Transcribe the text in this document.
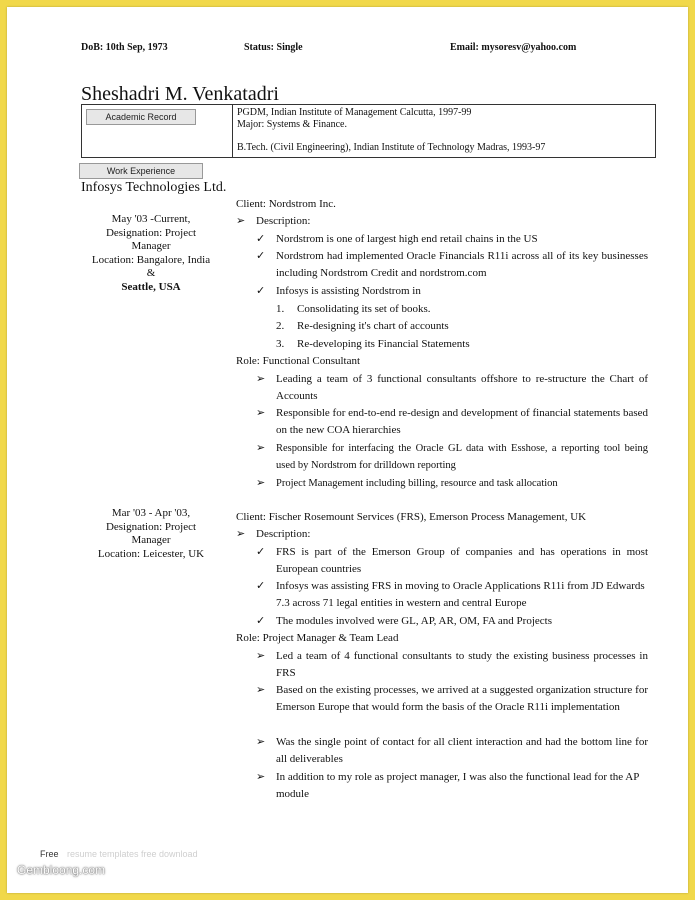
DoB: 10th Sep, 1973	Status: Single	Email: mysoresv@yahoo.com
Sheshadri M. Venkatadri
Academic Record	PGDM, Indian Institute of Management Calcutta, 1997-99
Major: Systems & Finance.
B.Tech. (Civil Engineering), Indian Institute of Technology Madras, 1993-97
Work Experience
Infosys Technologies Ltd.
May '03 -Current,
Designation: Project
Manager
Location: Bangalore, India
&
Seattle, USA
Client: Nordstrom Inc.
➢ Description:
✓ Nordstrom is one of largest high end retail chains in the US
✓ Nordstrom had implemented Oracle Financials R11i across all of its key businesses including Nordstrom Credit and nordstrom.com
✓ Infosys is assisting Nordstrom in
1. Consolidating its set of books.
2. Re-designing it's chart of accounts
3. Re-developing its Financial Statements
Role: Functional Consultant
➢ Leading a team of 3 functional consultants offshore to re-structure the Chart of Accounts
➢ Responsible for end-to-end re-design and development of financial statements based on the new COA hierarchies
➢ Responsible for interfacing the Oracle GL data with Esshose, a reporting tool being used by Nordstrom for drilldown reporting
➢ Project Management including billing, resource and task allocation
Mar '03 - Apr '03,
Designation: Project
Manager
Location: Leicester, UK
Client: Fischer Rosemount Services (FRS), Emerson Process Management, UK
➢ Description:
✓ FRS is part of the Emerson Group of companies and has operations in most European countries
✓ Infosys was assisting FRS in moving to Oracle Applications R11i from JD Edwards 7.3 across 71 legal entities in western and central Europe
✓ The modules involved were GL, AP, AR, OM, FA and Projects
Role: Project Manager & Team Lead
➢ Led a team of 4 functional consultants to study the existing business processes in FRS
➢ Based on the existing processes, we arrived at a suggested organization structure for Emerson Europe that would form the basis of the Oracle R11i implementation
➢ Was the single point of contact for all client interaction and had the bottom line for all deliverables
➢ In addition to my role as project manager, I was also the functional lead for the AP module
Free resume templates free download
Gembloong.com
